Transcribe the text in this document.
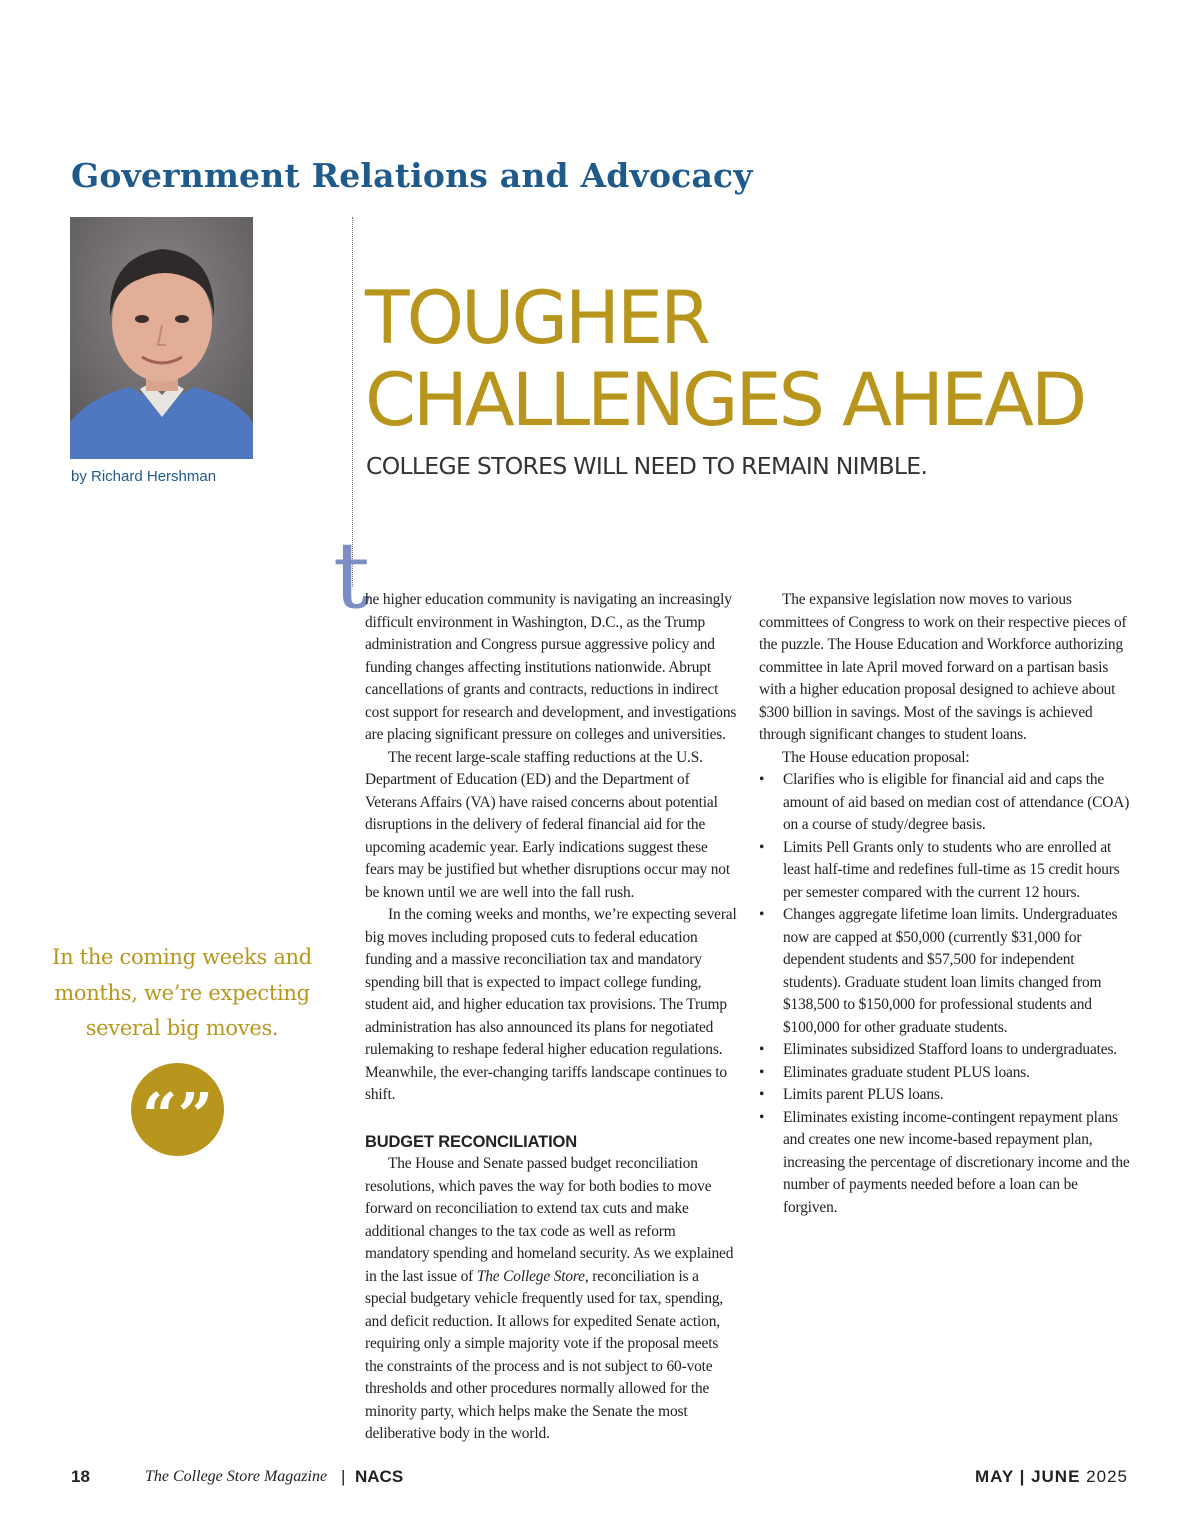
Government Relations and Advocacy

by Richard Hershman

TOUGHER
CHALLENGES AHEAD

COLLEGE STORES WILL NEED TO REMAIN NIMBLE.

In the coming weeks and months, we’re expecting several big moves.

“”
t

he higher education community is navigating an increasingly difficult environment in Washington, D.C., as the Trump administration and Congress pursue aggressive policy and funding changes affecting institutions nationwide. Abrupt cancellations of grants and contracts, reductions in indirect cost support for research and development, and investigations are placing significant pressure on colleges and universities.

The recent large-scale staffing reductions at the U.S. Department of Education (ED) and the Department of Veterans Affairs (VA) have raised concerns about potential disruptions in the delivery of federal financial aid for the upcoming academic year. Early indications suggest these fears may be justified but whether disruptions occur may not be known until we are well into the fall rush.

In the coming weeks and months, we’re expecting several big moves including proposed cuts to federal education funding and a massive reconciliation tax and mandatory spending bill that is expected to impact college funding, student aid, and higher education tax provisions. The Trump administration has also announced its plans for negotiated rulemaking to reshape federal higher education regulations. Meanwhile, the ever-changing tariffs landscape continues to shift.

BUDGET RECONCILIATION

The House and Senate passed budget reconciliation resolutions, which paves the way for both bodies to move forward on reconciliation to extend tax cuts and make additional changes to the tax code as well as reform mandatory spending and homeland security. As we explained in the last issue of The College Store, reconciliation is a special budgetary vehicle frequently used for tax, spending, and deficit reduction. It allows for expedited Senate action, requiring only a simple majority vote if the proposal meets the constraints of the process and is not subject to 60-vote thresholds and other procedures normally allowed for the minority party, which helps make the Senate the most deliberative body in the world.

The expansive legislation now moves to various committees of Congress to work on their respective pieces of the puzzle. The House Education and Workforce authorizing committee in late April moved forward on a partisan basis with a higher education proposal designed to achieve about $300 billion in savings. Most of the savings is achieved through significant changes to student loans.

The House education proposal:

• Clarifies who is eligible for financial aid and caps the amount of aid based on median cost of attendance (COA) on a course of study/degree basis.
• Limits Pell Grants only to students who are enrolled at least half-time and redefines full-time as 15 credit hours per semester compared with the current 12 hours.
• Changes aggregate lifetime loan limits. Undergraduates now are capped at $50,000 (currently $31,000 for dependent students and $57,500 for independent students). Graduate student loan limits changed from $138,500 to $150,000 for professional students and $100,000 for other graduate students.
• Eliminates subsidized Stafford loans to undergraduates.
• Eliminates graduate student PLUS loans.
• Limits parent PLUS loans.
• Eliminates existing income-contingent repayment plans and creates one new income-based repayment plan, increasing the percentage of discretionary income and the number of payments needed before a loan can be forgiven.

18	The College Store Magazine | NACS	MAY | JUNE 2025
